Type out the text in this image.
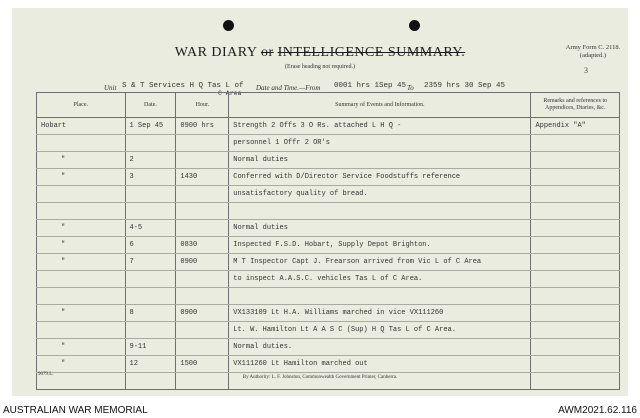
WAR DIARY or INTELLIGENCE SUMMARY.
(Erase heading not required.)
Army Form C. 2118.
(adapted.)
3
Unit S & T Services H Q Tas L of
C Area
Date and Time.—From 0001 hrs 1Sep 45 To 2359 hrs 30 Sep 45
Place.	Date.	Hour.	Summary of Events and Information.	Remarks and references to Appendices, Diaries, &c.
Hobart	1 Sep 45	0900 hrs	Strength 2 Offs 3 O Rs. attached L H Q -	Appendix "A"
			personnel 1 Offr 2 OR's	
"	2		Normal duties	
"	3	1430	Conferred with D/Director Service Foodstuffs reference	
			unsatisfactory quality of bread.	

"	4-5		Normal duties	
"	6	0830	Inspected F.S.D. Hobart, Supply Depot Brighton.	
"	7	0900	M T Inspector Capt J. Frearson arrived from Vic L of C Area	
			to inspect A.A.S.C. vehicles Tas L of C Area.	

"	8	0900	VX133109 Lt H.A. Williams marched in vice VX111260	
			Lt. W. Hamilton Lt A A S C (Sup) H Q Tas L of C Area.	
"	9-11		Normal duties.	
"	12	1500	VX111260 Lt Hamilton marched out	

9079.L.
By Authority: L. F. Johnston, Commonwealth Government Printer, Canberra.
AUSTRALIAN WAR MEMORIAL	AWM2021.62.116
